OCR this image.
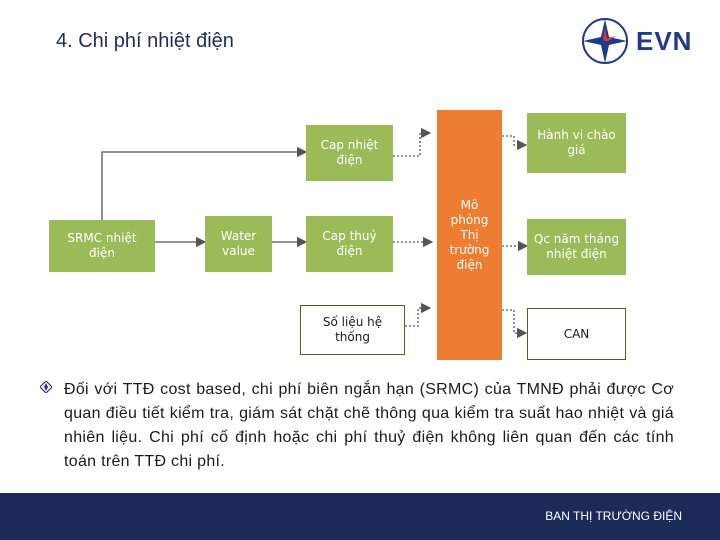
4. Chi phí nhiệt điện	EVN
SRMC nhiệt điện
Water value
Cap nhiệt điện
Cap thuỷ điện
Số liệu hệ thống
Mô phỏng Thị trường điện
Hành vi chào giá
Qc năm tháng nhiệt điện
CAN
Đối với TTĐ cost based, chi phí biên ngắn hạn (SRMC) của TMNĐ phải được Cơ quan điều tiết kiểm tra, giám sát chặt chẽ thông qua kiểm tra suất hao nhiệt và giá nhiên liệu. Chi phí cố định hoặc chi phí thuỷ điện không liên quan đến các tính toán trên TTĐ chi phí.
BAN THỊ TRƯỜNG ĐIỆN
